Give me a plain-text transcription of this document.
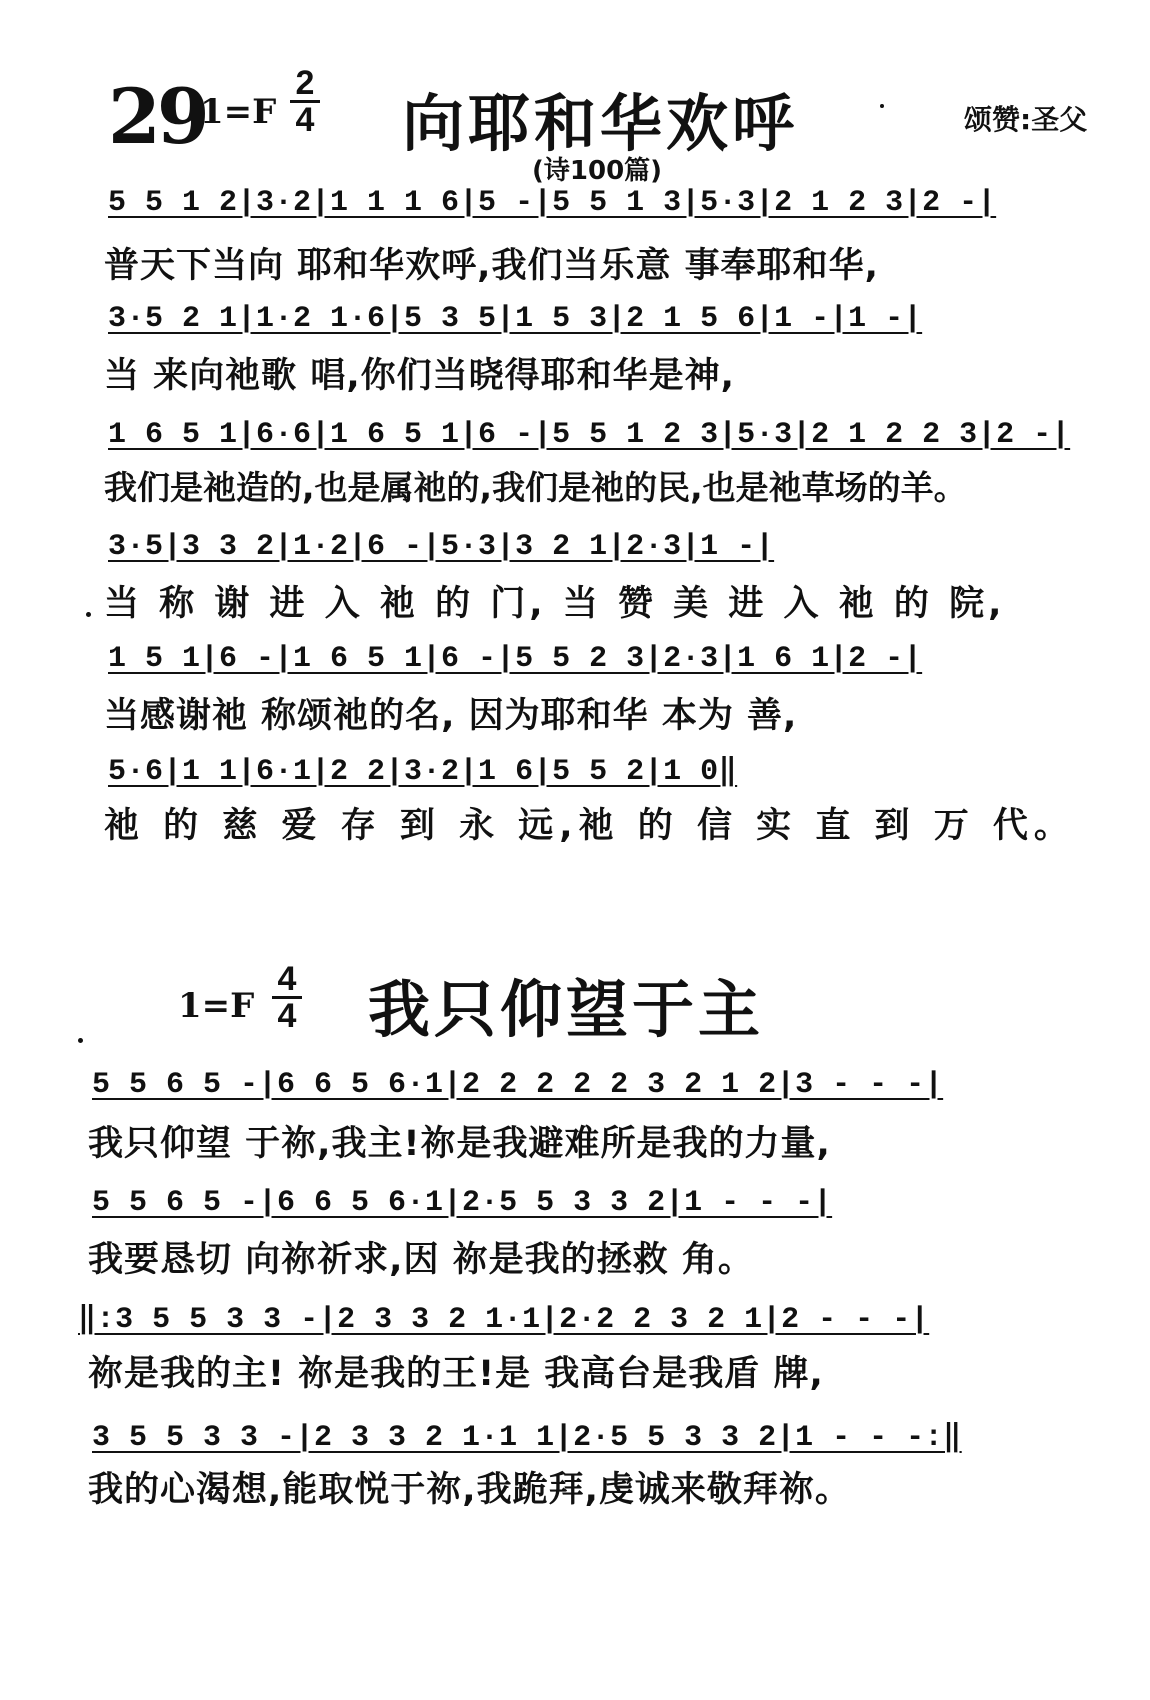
29
$1=F \frac{2}{4}$ 向耶和华欢呼	颂赞:圣父
(诗100篇)
5 5 1 2|3·2|1 1 1 6|5 -|5 5 1 3|5·3|2 1 2 3|2 -|
普天下当向 耶和华欢呼,我们当乐意 事奉耶和华,
3·5 2 1|1·2 1·6|5 3 5|1 5 3|2 1 5 6|1 -|1 -|
当 来向祂歌 唱,你们当晓得耶和华是神,
1 6 5 1|6·6|1 6 5 1|6 -|5 5 1 2 3|5·3|2 1 2 2 3|2 -|
我们是祂造的,也是属祂的,我们是祂的民,也是祂草场的羊。
3·5|3 3 2|1·2|6 -|5·3|3 2 1|2·3|1 -|
当 称 谢 进 入 祂 的 门, 当 赞 美 进 入 祂 的 院,
1 5 1|6 -|1 6 5 1|6 -|5 5 2 3|2·3|1 6 1|2 -|
当感谢祂 称颂祂的名, 因为耶和华 本为 善,
5·6|1 1|6·1|2 2|3·2|1 6|5 5 2|1 0‖
祂 的 慈 爱 存 到 永 远,祂 的 信 实 直 到 万 代。
$1=F \frac{4}{4}$ 我只仰望于主
5 5 6 5 -|6 6 5 6·1|2 2 2 2 2 3 2 1 2|3 - - -|
我只仰望 于祢,我主!祢是我避难所是我的力量,
5 5 6 5 -|6 6 5 6·1|2·5 5 3 3 2|1 - - -|
我要恳切 向祢祈求,因 祢是我的拯救 角。
‖:3 5 5 3 3 -|2 3 3 2 1·1|2·2 2 3 2 1|2 - - -|
祢是我的主! 祢是我的王!是 我高台是我盾 牌,
3 5 5 3 3 -|2 3 3 2 1·1 1|2·5 5 3 3 2|1 - - -:‖
我的心渴想,能取悦于祢,我跪拜,虔诚来敬拜祢。
